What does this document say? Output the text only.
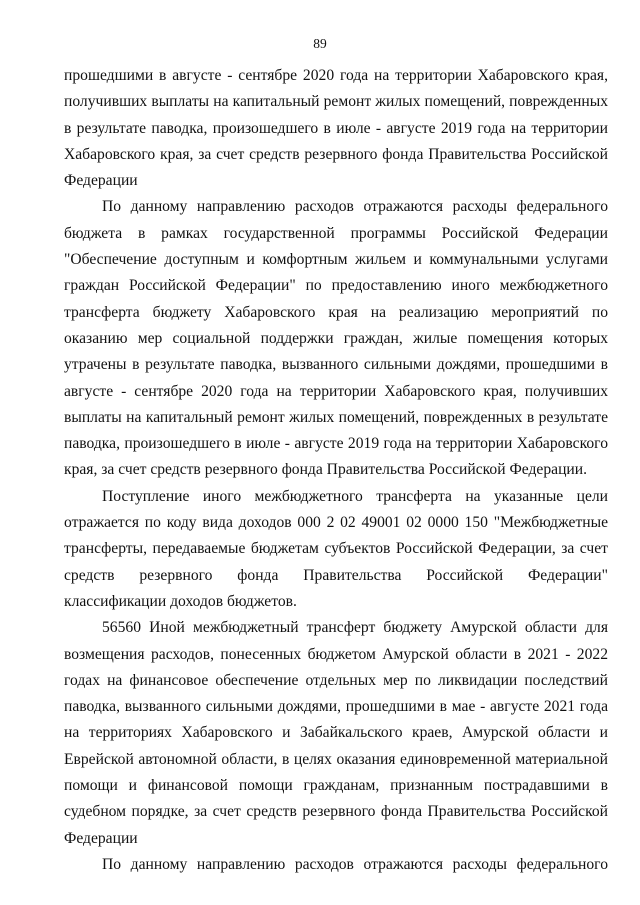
89

прошедшими в августе - сентябре 2020 года на территории Хабаровского края, получивших выплаты на капитальный ремонт жилых помещений, поврежденных в результате паводка, произошедшего в июле - августе 2019 года на территории Хабаровского края, за счет средств резервного фонда Правительства Российской Федерации

По данному направлению расходов отражаются расходы федерального бюджета в рамках государственной программы Российской Федерации "Обеспечение доступным и комфортным жильем и коммунальными услугами граждан Российской Федерации" по предоставлению иного межбюджетного трансферта бюджету Хабаровского края на реализацию мероприятий по оказанию мер социальной поддержки граждан, жилые помещения которых утрачены в результате паводка, вызванного сильными дождями, прошедшими в августе - сентябре 2020 года на территории Хабаровского края, получивших выплаты на капитальный ремонт жилых помещений, поврежденных в результате паводка, произошедшего в июле - августе 2019 года на территории Хабаровского края, за счет средств резервного фонда Правительства Российской Федерации.

Поступление иного межбюджетного трансферта на указанные цели отражается по коду вида доходов 000 2 02 49001 02 0000 150 "Межбюджетные трансферты, передаваемые бюджетам субъектов Российской Федерации, за счет средств резервного фонда Правительства Российской Федерации" классификации доходов бюджетов.

56560 Иной межбюджетный трансферт бюджету Амурской области для возмещения расходов, понесенных бюджетом Амурской области в 2021 - 2022 годах на финансовое обеспечение отдельных мер по ликвидации последствий паводка, вызванного сильными дождями, прошедшими в мае - августе 2021 года на территориях Хабаровского и Забайкальского краев, Амурской области и Еврейской автономной области, в целях оказания единовременной материальной помощи и финансовой помощи гражданам, признанным пострадавшими в судебном порядке, за счет средств резервного фонда Правительства Российской Федерации

По данному направлению расходов отражаются расходы федерального
